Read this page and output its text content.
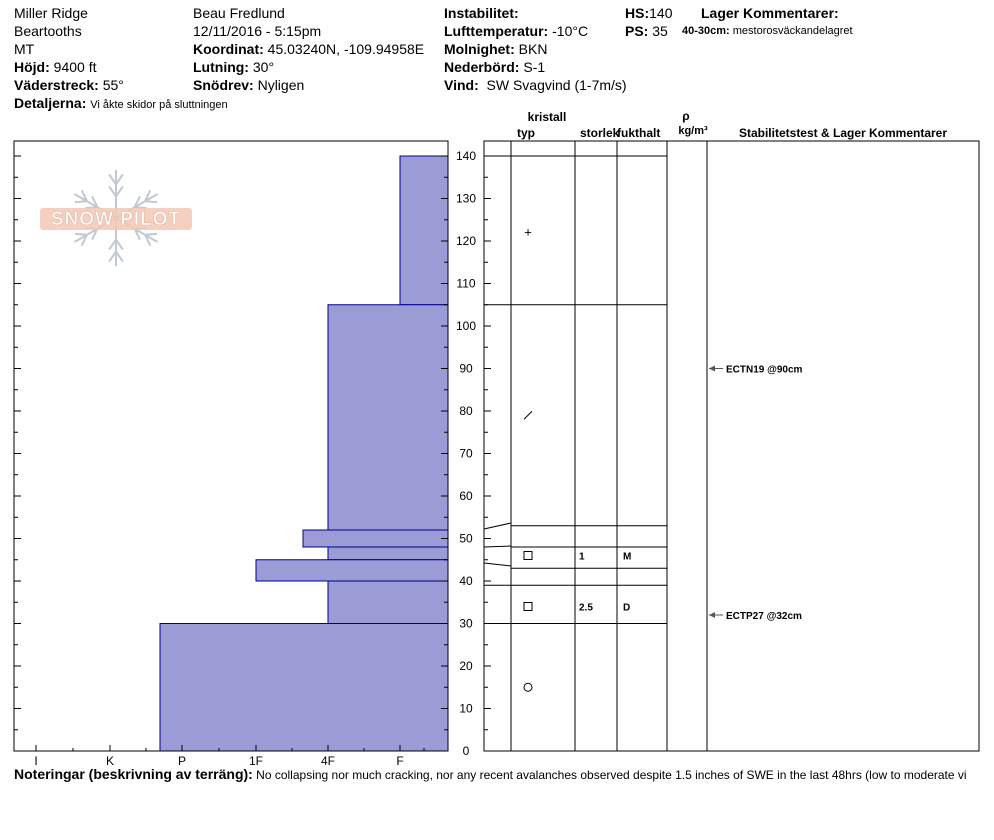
Miller Ridge
Beartooths
MT
Höjd: 9400 ft
Väderstreck: 55°
Detaljerna: Vi åkte skidor på sluttningen
Beau Fredlund
12/11/2016 - 5:15pm
Koordinat: 45.03240N, -109.94958E
Lutning: 30°
Snödrev: Nyligen
Instabilitet:
Lufttemperatur: -10°C
Molnighet: BKN
Nederbörd: S-1
Vind: SW Svagvind (1-7m/s)
HS:140
PS: 35
Lager Kommentarer:
40-30cm: mestorosväckandelagret
SNOW PILOT
I	K	P	1F	4F	F
0
10
20
30
40
50
60
70
80
90
100
110
120
130
140
kristall
typ	storlek
fukthalt
ρ
kg/m³	Stabilitetstest & Lager Kommentarer
+
1	M
2.5	D
ECTN19 @90cm
ECTP27 @32cm
Noteringar (beskrivning av terräng): No collapsing nor much cracking, nor any recent avalanches observed despite 1.5 inches of SWE in the last 48hrs (low to moderate vi
